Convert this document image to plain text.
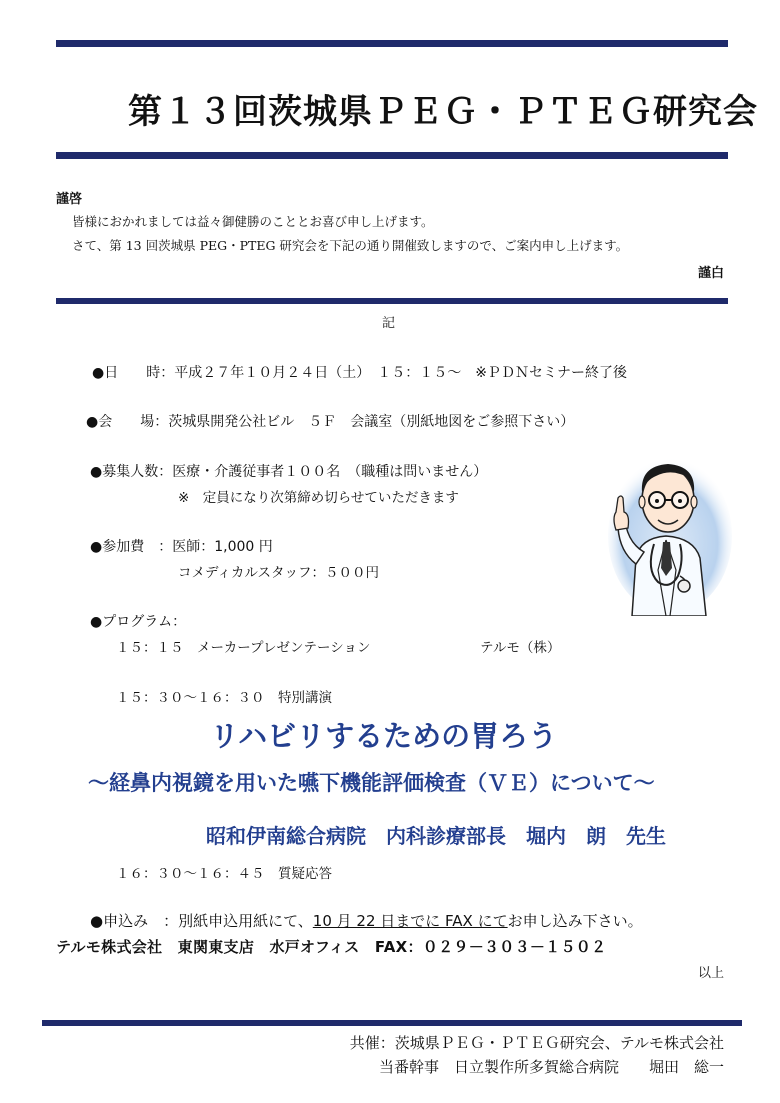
第１３回茨城県ＰＥＧ・ＰＴＥＧ研究会
謹啓
皆様におかれましては益々御健勝のこととお喜び申し上げます。
さて、第 13 回茨城県 PEG・PTEG 研究会を下記の通り開催致しますので、ご案内申し上げます。
謹白
記
●日　　時：平成２７年１０月２４日（土）　１５：１５～　※ＰＤＮセミナー終了後
●会　　場：茨城県開発公社ビル　５Ｆ　会議室（別紙地図をご参照下さい）
●募集人数：医療・介護従事者１００名　（職種は問いません）
※　定員になり次第締め切らせていただきます
●参加費　：医師：1,000 円
コメディカルスタッフ：５００円
●プログラム：
１５：１５　メーカープレゼンテーション	テルモ（株）
１５：３０～１６：３０　特別講演
リハビリするための胃ろう
～経鼻内視鏡を用いた嚥下機能評価検査（ＶＥ）について～
昭和伊南総合病院　内科診療部長　堀内　朗　先生
１６：３０～１６：４５　質疑応答
●申込み　：別紙申込用紙にて、10 月 22 日までに FAX にてお申し込み下さい。
テルモ株式会社　東関東支店　水戸オフィス　FAX：０２９－３０３－１５０２
以上
共催：茨城県ＰＥＧ・ＰＴＥＧ研究会、テルモ株式会社
当番幹事　日立製作所多賀総合病院　　堀田　総一
